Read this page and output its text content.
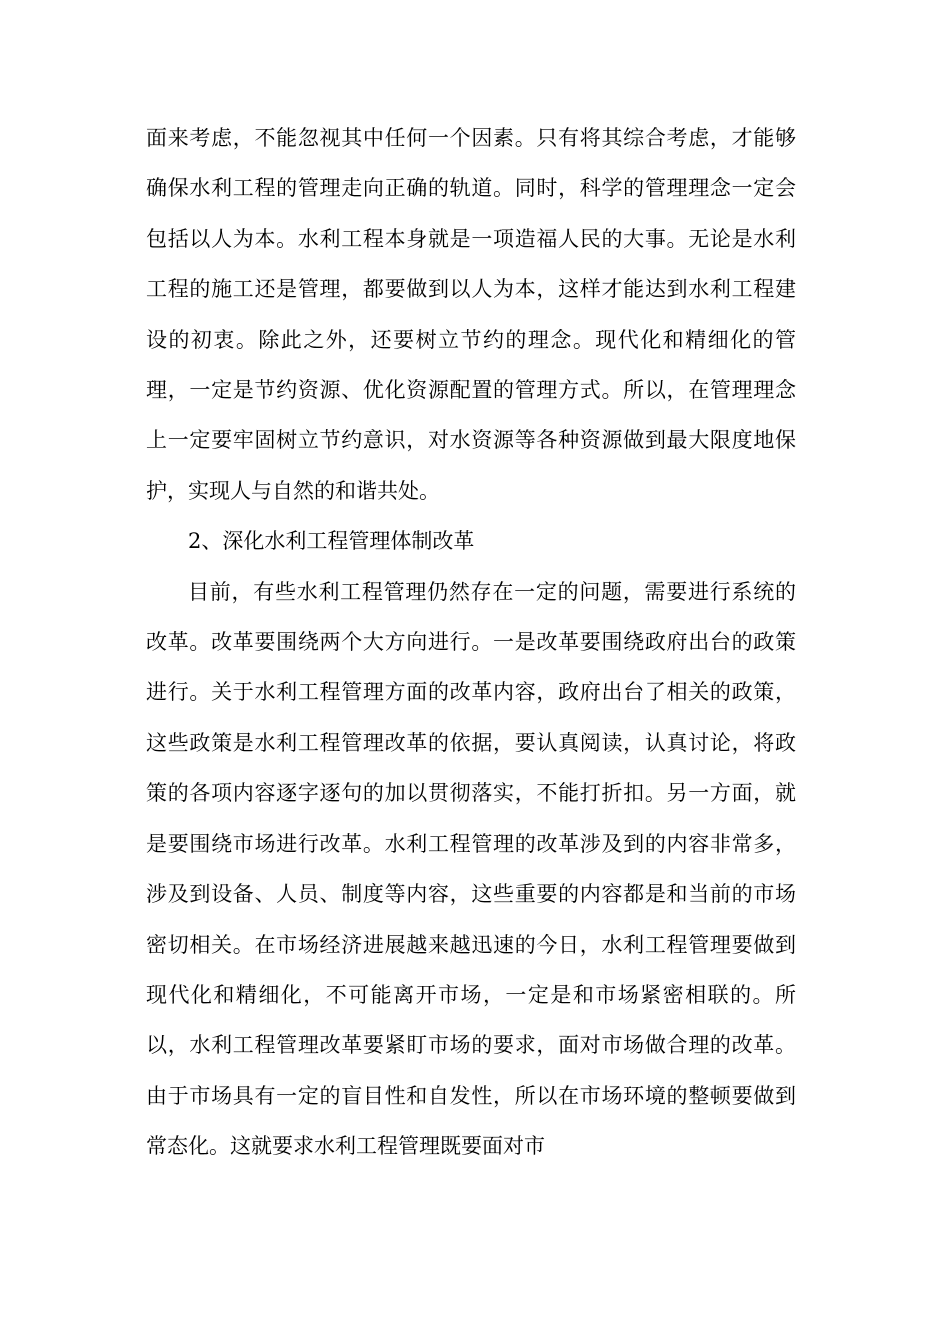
面来考虑，不能忽视其中任何一个因素。只有将其综合考虑，才能够确保水利工程的管理走向正确的轨道。同时，科学的管理理念一定会包括以人为本。水利工程本身就是一项造福人民的大事。无论是水利工程的施工还是管理，都要做到以人为本，这样才能达到水利工程建设的初衷。除此之外，还要树立节约的理念。现代化和精细化的管理，一定是节约资源、优化资源配置的管理方式。所以，在管理理念上一定要牢固树立节约意识，对水资源等各种资源做到最大限度地保护，实现人与自然的和谐共处。

2、深化水利工程管理体制改革

目前，有些水利工程管理仍然存在一定的问题，需要进行系统的改革。改革要围绕两个大方向进行。一是改革要围绕政府出台的政策进行。关于水利工程管理方面的改革内容，政府出台了相关的政策，这些政策是水利工程管理改革的依据，要认真阅读，认真讨论，将政策的各项内容逐字逐句的加以贯彻落实，不能打折扣。另一方面，就是要围绕市场进行改革。水利工程管理的改革涉及到的内容非常多，涉及到设备、人员、制度等内容，这些重要的内容都是和当前的市场密切相关。在市场经济进展越来越迅速的今日，水利工程管理要做到现代化和精细化，不可能离开市场，一定是和市场紧密相联的。所以，水利工程管理改革要紧盯市场的要求，面对市场做合理的改革。由于市场具有一定的盲目性和自发性，所以在市场环境的整顿要做到常态化。这就要求水利工程管理既要面对市
